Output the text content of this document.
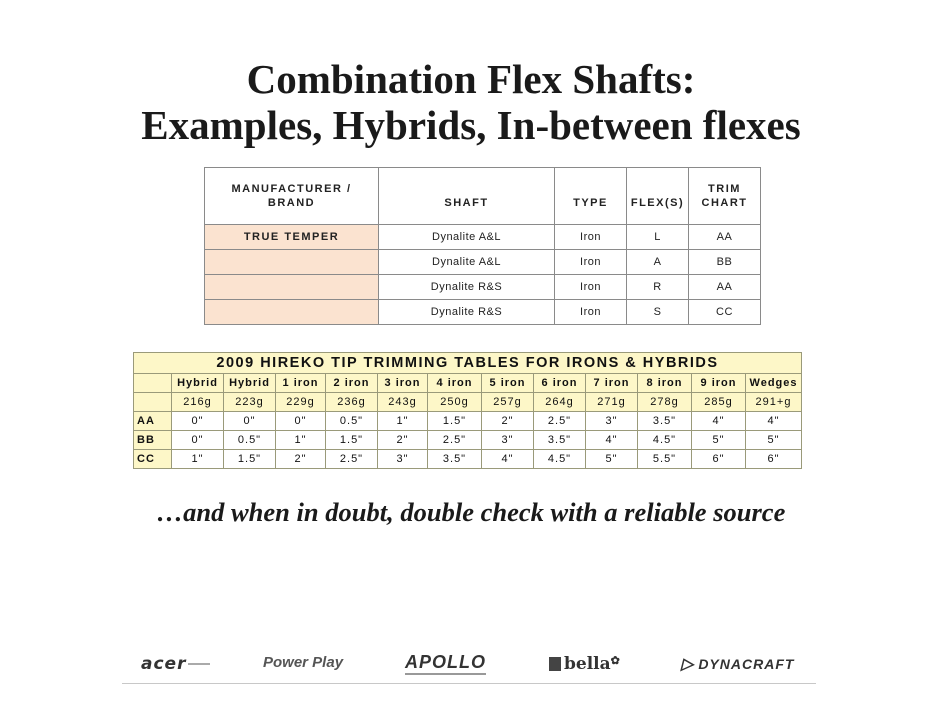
Combination Flex Shafts:
Examples, Hybrids, In-between flexes
MANUFACTURER /
BRAND	SHAFT	TYPE	FLEX(S)	TRIM
CHART
TRUE TEMPER	Dynalite A&L	Iron	L	AA
	Dynalite A&L	Iron	A	BB
	Dynalite R&S	Iron	R	AA
	Dynalite R&S	Iron	S	CC
2009 HIREKO TIP TRIMMING TABLES FOR IRONS & HYBRIDS												
	Hybrid	Hybrid	1 iron	2 iron	3 iron	4 iron	5 iron	6 iron	7 iron	8 iron	9 iron	Wedges
	216g	223g	229g	236g	243g	250g	257g	264g	271g	278g	285g	291+g
AA	0"	0"	0"	0.5"	1"	1.5"	2"	2.5"	3"	3.5"	4"	4"
BB	0"	0.5"	1"	1.5"	2"	2.5"	3"	3.5"	4"	4.5"	5"	5"
CC	1"	1.5"	2"	2.5"	3"	3.5"	4"	4.5"	5"	5.5"	6"	6"
…and when in doubt, double check with a reliable source
acer	Power Play	APOLLO	bella✿	▷ DYNACRAFT
